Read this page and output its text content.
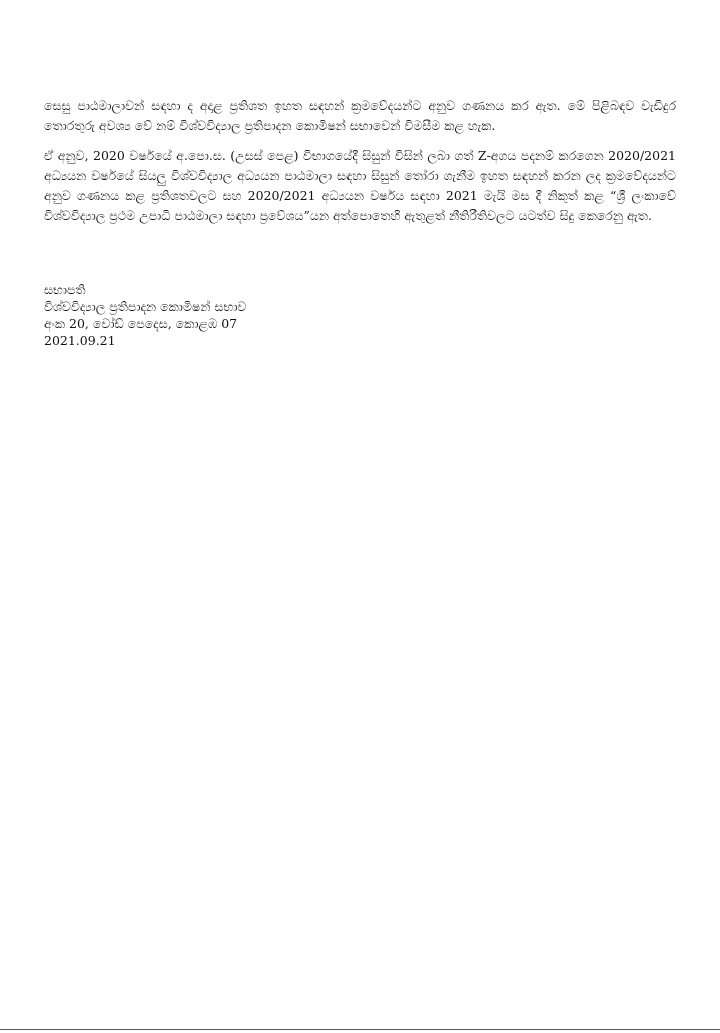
සෙසු පාඨමාලාවන් සඳහා ද අදාළ ප්‍රතිශත ඉහත සඳහන් ක්‍රමවේදයන්ට අනුව ගණනය කර ඇත. මේ පිළිබඳව වැඩිදුර තොරතුරු අවශ්‍ය වේ නම් විශ්වවිද්‍යාල ප්‍රතිපාදන කොමිෂන් සභාවෙන් විමසීම කළ හැක.

ඒ අනුව, 2020 වර්ෂයේ අ.පො.ස. (උසස් පෙළ) විභාගයේදී සිසුන් විසින් ලබා ගත් Z-අගය පදනම් කරගෙන 2020/2021 අධ්‍යයන වර්ෂයේ සියලු විශ්වවිද්‍යාල අධ්‍යයන පාඨමාලා සඳහා සිසුන් තෝරා ගැනීම ඉහත සඳහන් කරන ලද ක්‍රමවේදයන්ට අනුව ගණනය කළ ප්‍රතිශතවලට සහ 2020/2021 අධ්‍යයන වර්ෂය සඳහා 2021 මැයි මස දී නිකුත් කළ “ශ්‍රී ලංකාවේ විශ්වවිද්‍යාල ප්‍රථම උපාධි පාඨමාලා සඳහා ප්‍රවේශය”යන අත්පොතෙහි ඇතුළත් නීතිරීතිවලට යටත්ව සිදු කෙරෙනු ඇත.

සභාපති

විශ්වවිද්‍යාල ප්‍රතිපාදන කොමිෂන් සභාව

අංක 20, වෝඩ් පෙදෙස, කොළඹ 07

2021.09.21
